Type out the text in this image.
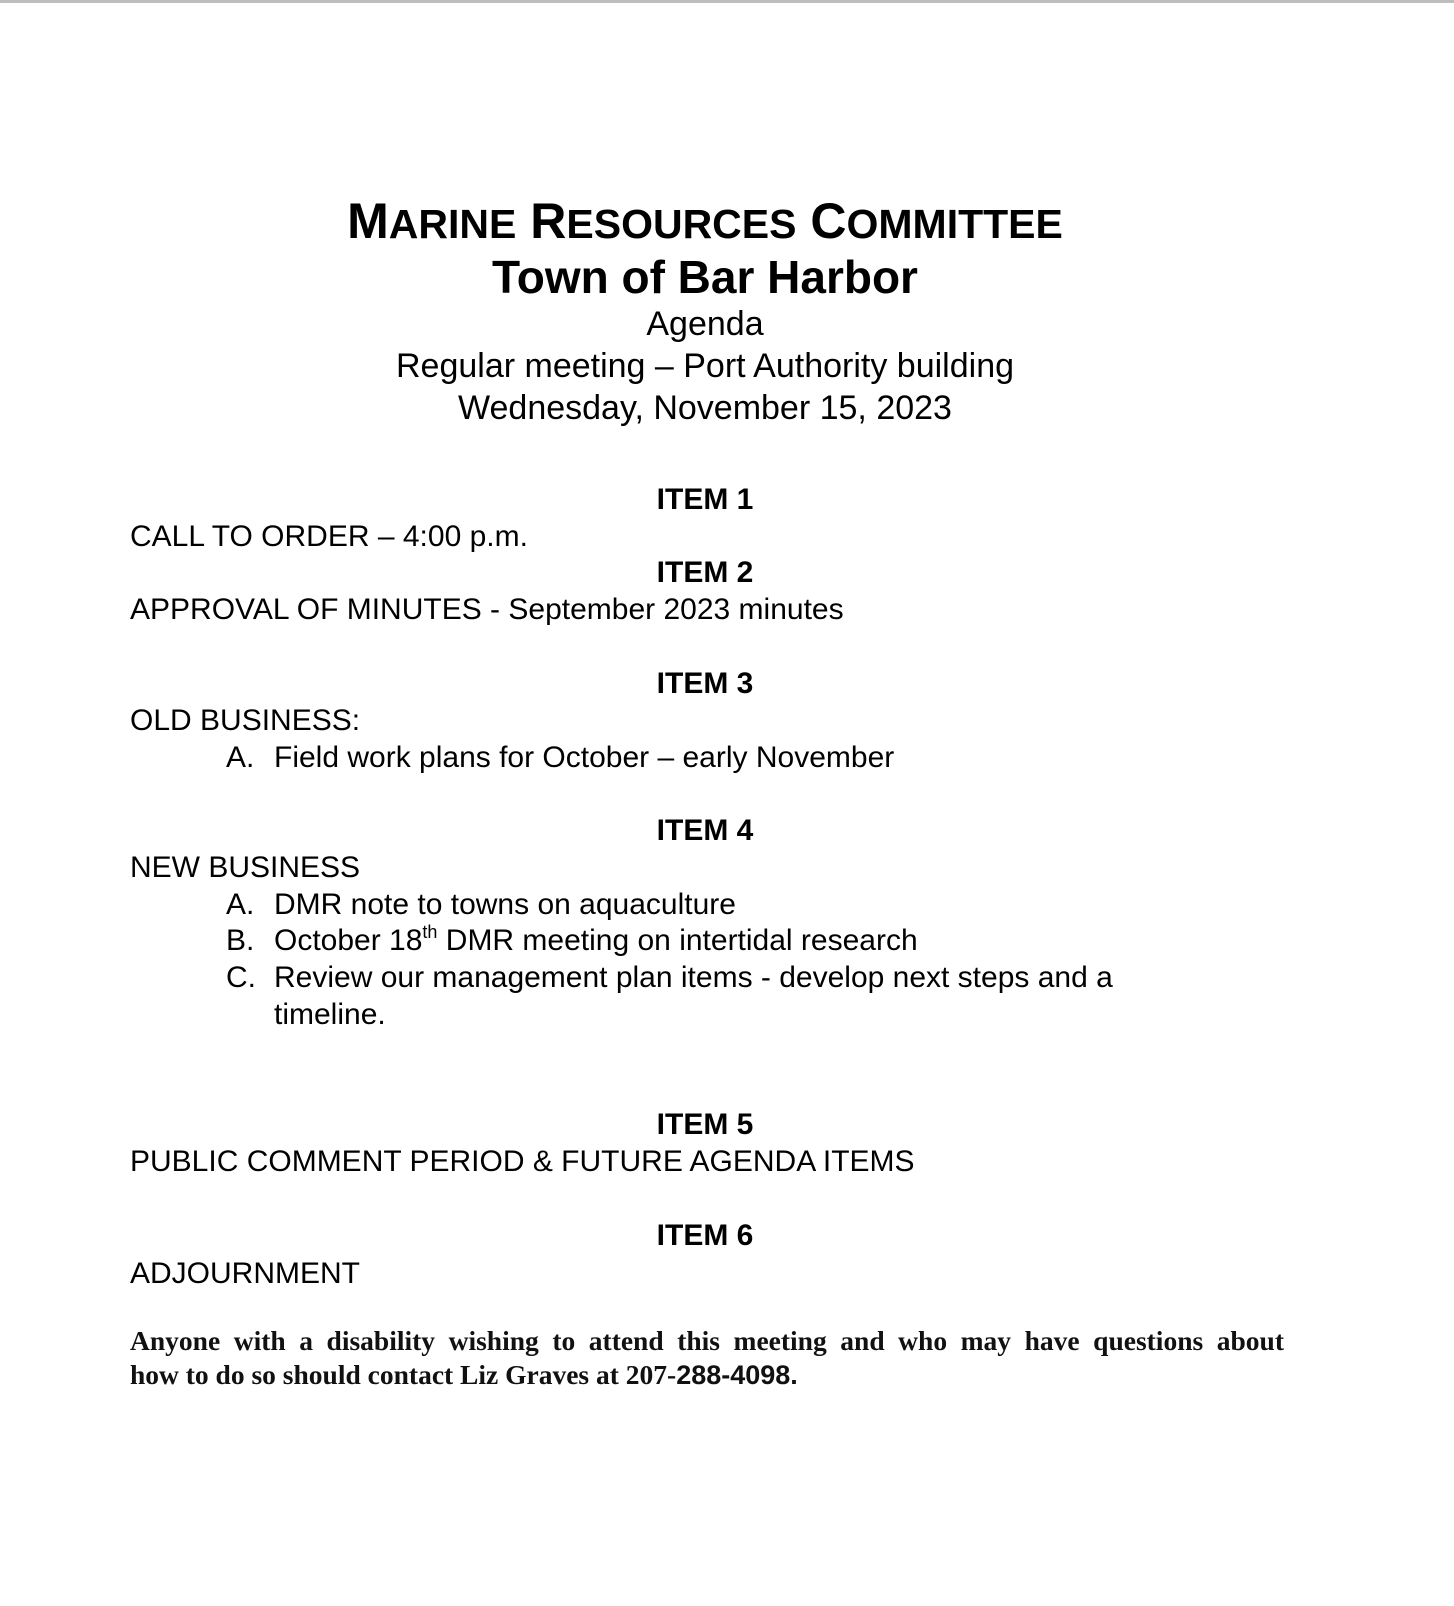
MARINE RESOURCES COMMITTEE
Town of Bar Harbor
Agenda
Regular meeting – Port Authority building
Wednesday, November 15, 2023
ITEM 1
CALL TO ORDER – 4:00 p.m.
ITEM 2
APPROVAL OF MINUTES - September 2023 minutes
ITEM 3
OLD BUSINESS:
A. Field work plans for October – early November
ITEM 4
NEW BUSINESS
A. DMR note to towns on aquaculture
B. October 18th DMR meeting on intertidal research
C. Review our management plan items - develop next steps and a
timeline.
ITEM 5
PUBLIC COMMENT PERIOD & FUTURE AGENDA ITEMS
ITEM 6
ADJOURNMENT
Anyone with a disability wishing to attend this meeting and who may have questions about
how to do so should contact Liz Graves at 207-288-4098.
